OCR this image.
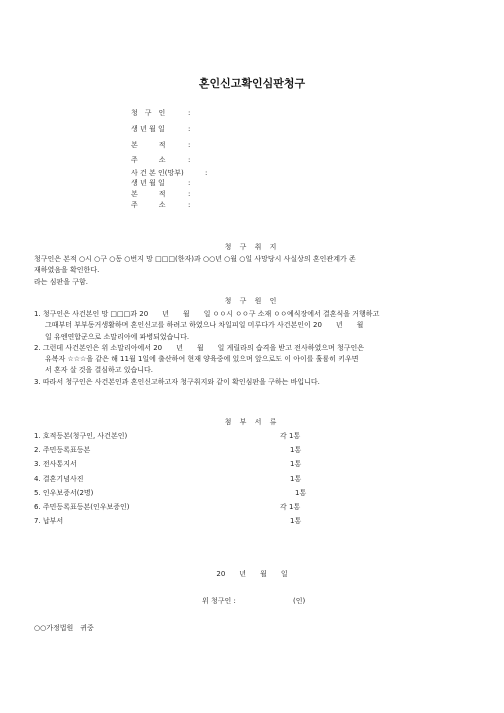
혼인신고확인심판청구
청　구　인	:
생 년 월 일	:
본　　　적	:
주　　　소	:
사 건 본 인(망부)	:
생 년 월 일	:
본　　　적	:
주　　　소	:
청 구 취 지

청구인은 본적 ○시 ○구 ○동 ○번지 망 □□□(한자)과 ○○년 ○월 ○일 사망당시 사실상의 혼인관계가 존

재하였음을 확인한다.

라는 심판을 구함.

청 구 원 인

1. 청구인은 사건본인 망 □□□과 20　　년　　월　　일 ㅇㅇ시 ㅇㅇ구 소재 ㅇㅇ예식장에서 결혼식을 거행하고

그때부터 부부동거생활하며 혼인신고를 하려고 하였으나 차일피일 미루다가 사건본인이 20　　년　　월

일 유엔연합군으로 소말리아에 파병되었습니다.

2. 그런데 사건본인은 위 소말리아에서 20　　년　　월　　일 게릴라의 습격을 받고 전사하였으며 청구인은

유복자 ☆☆☆을 같은 해 11월 1일에 출산하여 현재 양육중에 있으며 앞으로도 이 아이를 훌륭히 키우면

서 혼자 살 것을 결심하고 있습니다.

3. 따라서 청구인은 사건본인과 혼인신고하고자 청구취지와 같이 확인심판을 구하는 바입니다.

첨 부 서 류
1. 호적등본(청구인, 사건본인)	각 1통
2. 주민등록표등본	1통
3. 전사통지서	1통
4. 결혼기념사진	1통
5. 인우보증서(2명)	1통
6. 주민등록표등본(인우보증인)	각 1통
7. 납부서	1통
20　　년　　월　　일
위 청구인 :	(인)
○○가정법원　귀중
